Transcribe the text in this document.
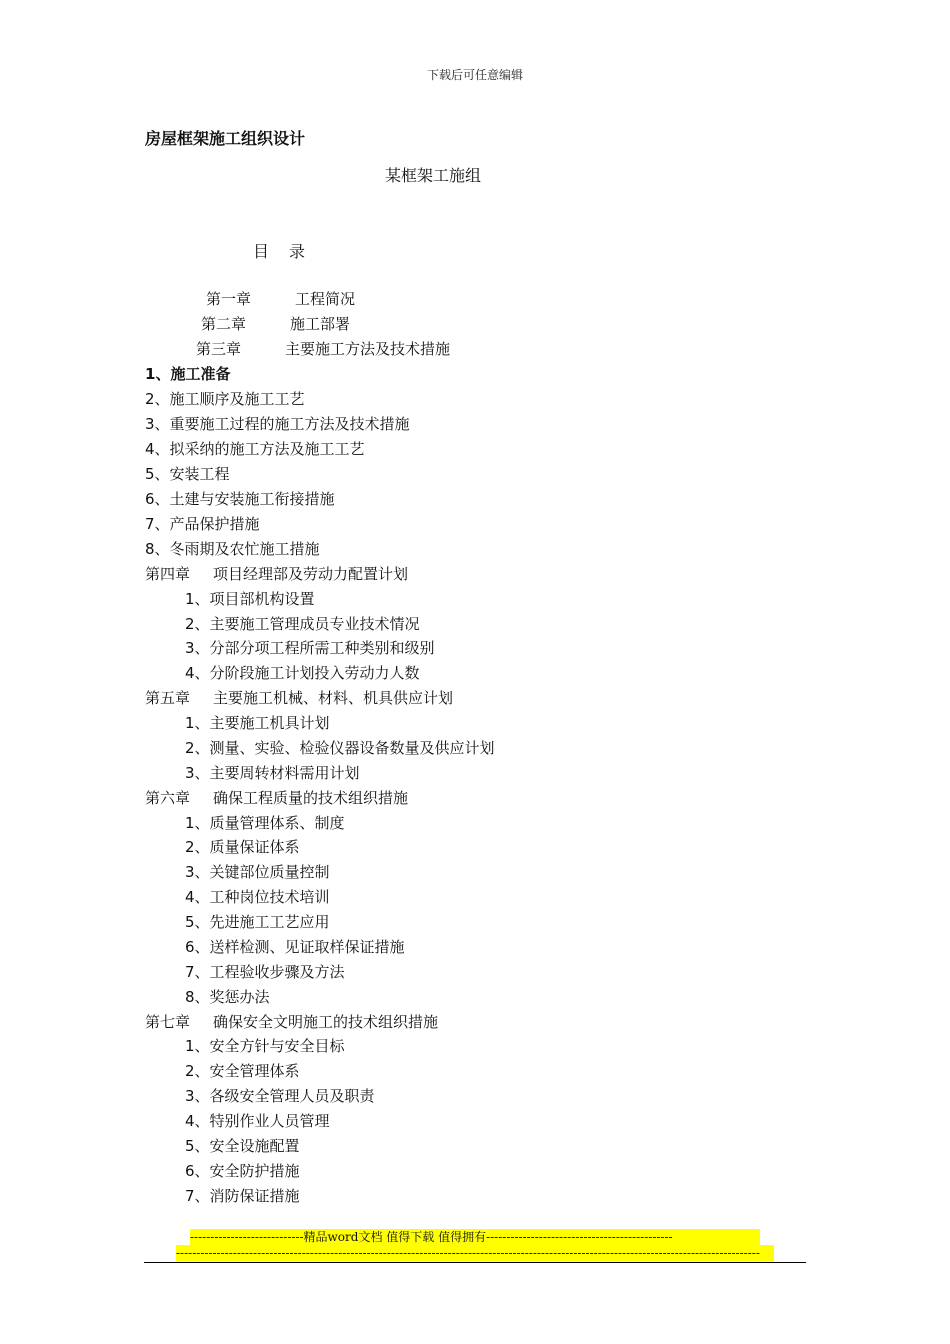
下载后可任意编辑
房屋框架施工组织设计
某框架工施组
目 录
第一章	工程简况
第二章	施工部署
第三章	主要施工方法及技术措施
1、施工准备
2、施工顺序及施工工艺
3、重要施工过程的施工方法及技术措施
4、拟采纳的施工方法及施工工艺
5、安装工程
6、土建与安装施工衔接措施
7、产品保护措施
8、冬雨期及农忙施工措施
第四章 项目经理部及劳动力配置计划
1、项目部机构设置
2、主要施工管理成员专业技术情况
3、分部分项工程所需工种类别和级别
4、分阶段施工计划投入劳动力人数
第五章 主要施工机械、材料、机具供应计划
1、主要施工机具计划
2、测量、实验、检验仪器设备数量及供应计划
3、主要周转材料需用计划
第六章 确保工程质量的技术组织措施
1、质量管理体系、制度
2、质量保证体系
3、关键部位质量控制
4、工种岗位技术培训
5、先进施工工艺应用
6、送样检测、见证取样保证措施
7、工程验收步骤及方法
8、奖惩办法
第七章 确保安全文明施工的技术组织措施
1、安全方针与安全目标
2、安全管理体系
3、各级安全管理人员及职责
4、特别作业人员管理
5、安全设施配置
6、安全防护措施
7、消防保证措施
----------------------------精品word文档 值得下载 值得拥有----------------------------------------------
------------------------------------------------------------------------------------------------------------------------------------------------
